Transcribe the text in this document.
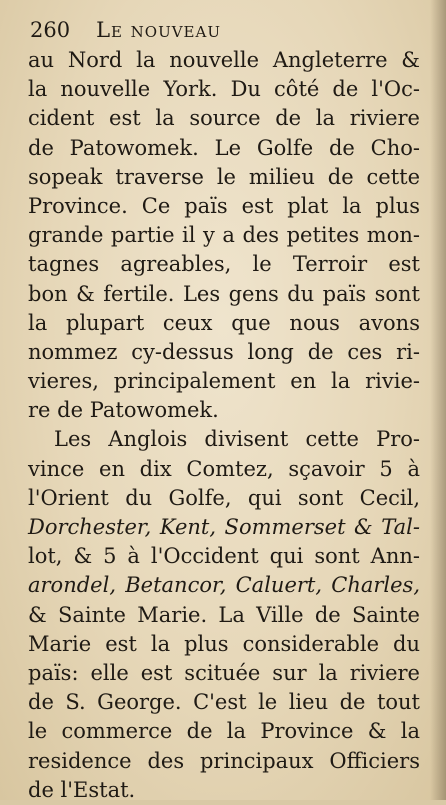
260 Le nouveau
au Nord la nouvelle Angleterre &
la nouvelle York. Du côté de l'Oc-
cident est la source de la riviere
de Patowomek. Le Golfe de Cho-
sopeak traverse le milieu de cette
Province. Ce païs est plat la plus
grande partie il y a des petites mon-
tagnes agreables, le Terroir est
bon & fertile. Les gens du païs sont
la plupart ceux que nous avons
nommez cy-dessus long de ces ri-
vieres, principalement en la rivie-
re de Patowomek.
Les Anglois divisent cette Pro-
vince en dix Comtez, sçavoir 5 à
l'Orient du Golfe, qui sont Cecil,
Dorchester, Kent, Sommerset & Tal-
lot, & 5 à l'Occident qui sont Ann-
arondel, Betancor, Caluert, Charles,
& Sainte Marie. La Ville de Sainte
Marie est la plus considerable du
païs: elle est scituée sur la riviere
de S. George. C'est le lieu de tout
le commerce de la Province & la
residence des principaux Officiers
de l'Estat.
